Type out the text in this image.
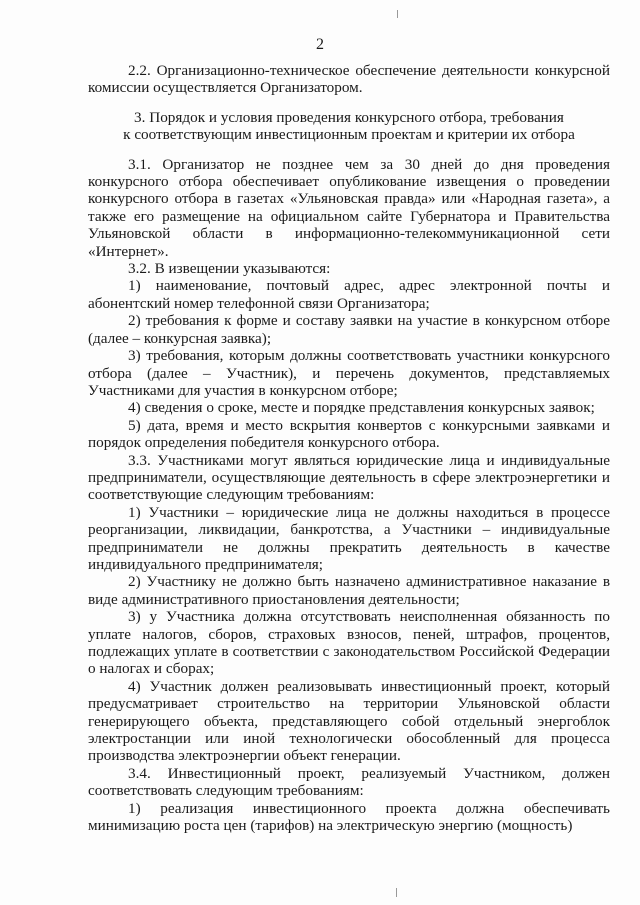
2

2.2. Организационно-техническое обеспечение деятельности конкурсной комиссии осуществляется Организатором.

3. Порядок и условия проведения конкурсного отбора, требования
к соответствующим инвестиционным проектам и критерии их отбора

3.1. Организатор не позднее чем за 30 дней до дня проведения конкурсного отбора обеспечивает опубликование извещения о проведении конкурсного отбора в газетах «Ульяновская правда» или «Народная газета», а также его размещение на официальном сайте Губернатора и Правительства Ульяновской области в информационно-телекоммуникационной сети «Интернет».

3.2. В извещении указываются:

1) наименование, почтовый адрес, адрес электронной почты и абонентский номер телефонной связи Организатора;

2) требования к форме и составу заявки на участие в конкурсном отборе (далее – конкурсная заявка);

3) требования, которым должны соответствовать участники конкурсного отбора (далее – Участник), и перечень документов, представляемых Участниками для участия в конкурсном отборе;

4) сведения о сроке, месте и порядке представления конкурсных заявок;

5) дата, время и место вскрытия конвертов с конкурсными заявками и порядок определения победителя конкурсного отбора.

3.3. Участниками могут являться юридические лица и индивидуальные предприниматели, осуществляющие деятельность в сфере электроэнергетики и соответствующие следующим требованиям:

1) Участники – юридические лица не должны находиться в процессе реорганизации, ликвидации, банкротства, а Участники – индивидуальные предприниматели не должны прекратить деятельность в качестве индивидуального предпринимателя;

2) Участнику не должно быть назначено административное наказание в виде административного приостановления деятельности;

3) у Участника должна отсутствовать неисполненная обязанность по уплате налогов, сборов, страховых взносов, пеней, штрафов, процентов, подлежащих уплате в соответствии с законодательством Российской Федерации о налогах и сборах;

4) Участник должен реализовывать инвестиционный проект, который предусматривает строительство на территории Ульяновской области генерирующего объекта, представляющего собой отдельный энергоблок электростанции или иной технологически обособленный для процесса производства электроэнергии объект генерации.

3.4. Инвестиционный проект, реализуемый Участником, должен соответствовать следующим требованиям:

1) реализация инвестиционного проекта должна обеспечивать минимизацию роста цен (тарифов) на электрическую энергию (мощность)
